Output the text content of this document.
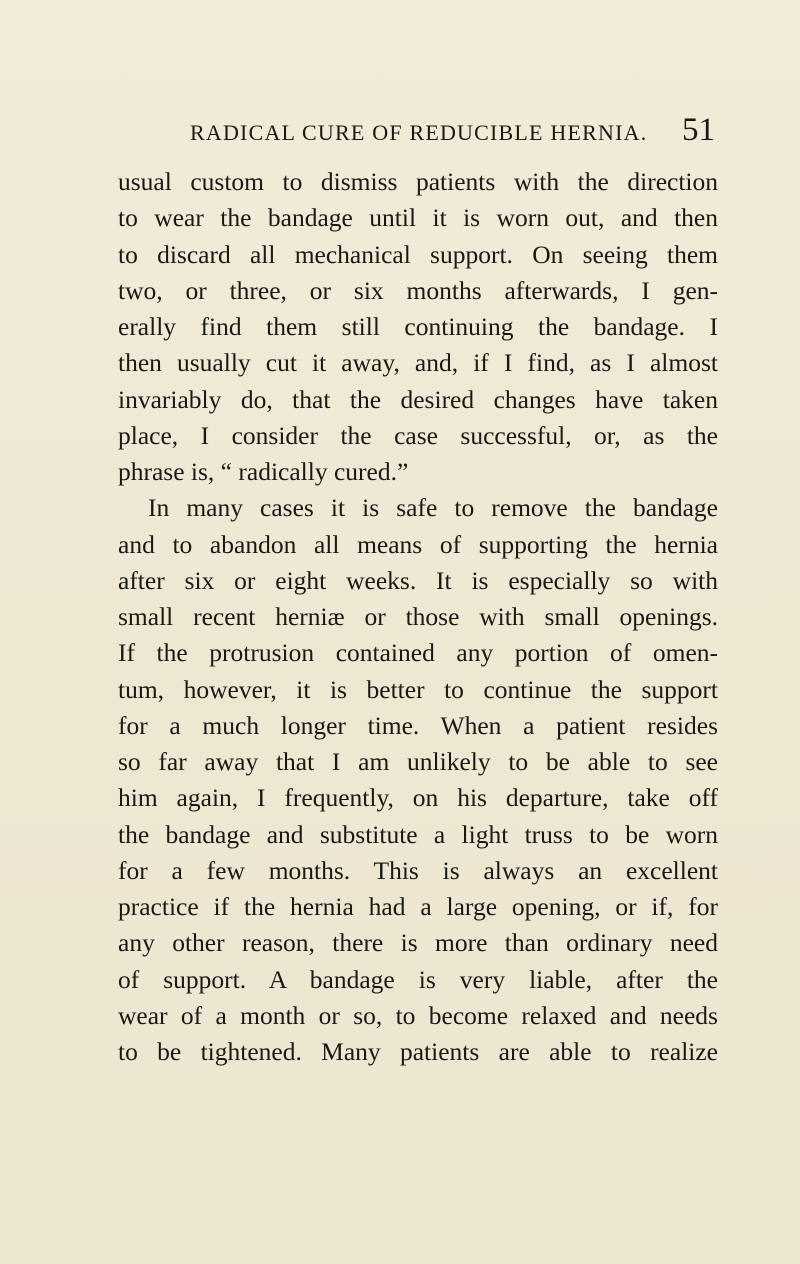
RADICAL CURE OF REDUCIBLE HERNIA. 51
usual custom to dismiss patients with the direction
to wear the bandage until it is worn out, and then
to discard all mechanical support. On seeing them
two, or three, or six months afterwards, I gen-
erally find them still continuing the bandage. I
then usually cut it away, and, if I find, as I almost
invariably do, that the desired changes have taken
place, I consider the case successful, or, as the
phrase is, “ radically cured.”
In many cases it is safe to remove the bandage
and to abandon all means of supporting the hernia
after six or eight weeks. It is especially so with
small recent herniæ or those with small openings.
If the protrusion contained any portion of omen-
tum, however, it is better to continue the support
for a much longer time. When a patient resides
so far away that I am unlikely to be able to see
him again, I frequently, on his departure, take off
the bandage and substitute a light truss to be worn
for a few months. This is always an excellent
practice if the hernia had a large opening, or if, for
any other reason, there is more than ordinary need
of support. A bandage is very liable, after the
wear of a month or so, to become relaxed and needs
to be tightened. Many patients are able to realize
